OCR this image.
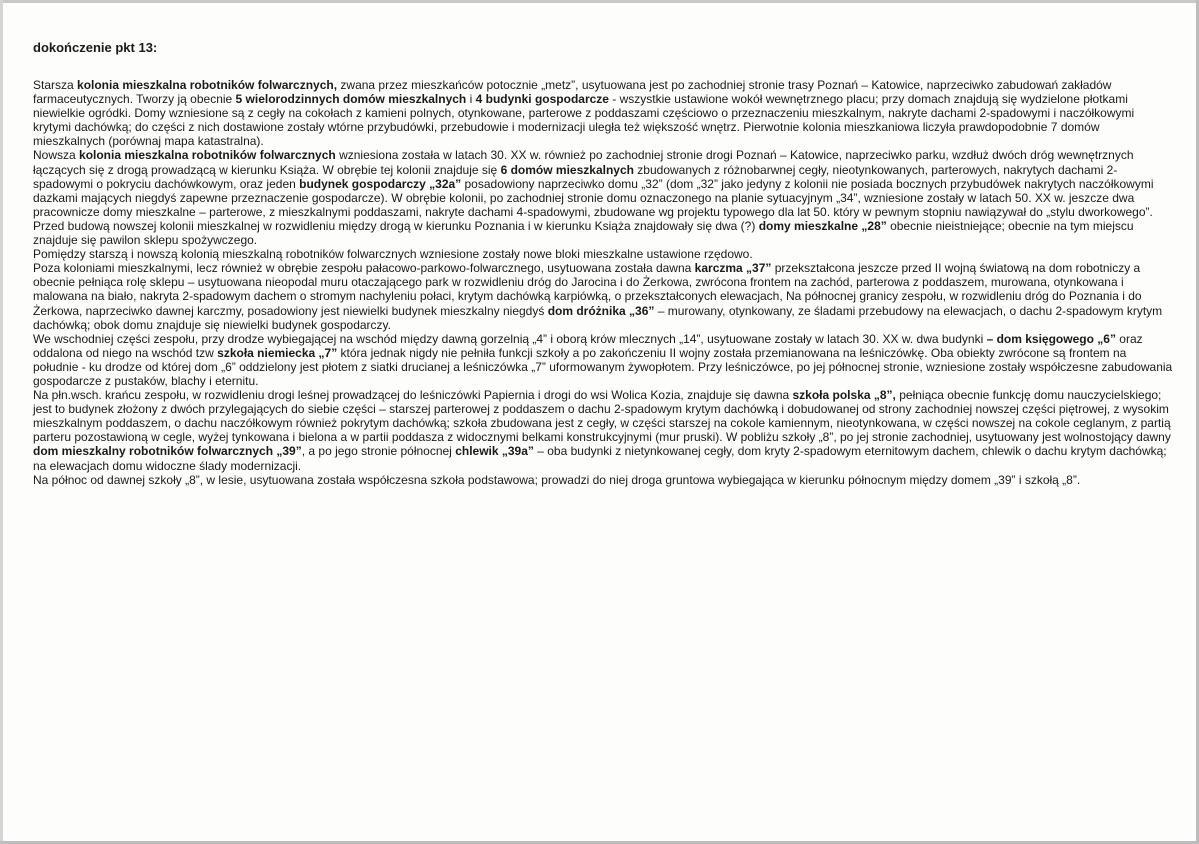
dokończenie pkt 13:

Starsza kolonia mieszkalna robotników folwarcznych, zwana przez mieszkańców potocznie „metz”, usytuowana jest po zachodniej stronie trasy Poznań – Katowice, naprzeciwko zabudowań zakładów farmaceutycznych. Tworzy ją obecnie 5 wielorodzinnych domów mieszkalnych i 4 budynki gospodarcze - wszystkie ustawione wokół wewnętrznego placu; przy domach znajdują się wydzielone płotkami niewielkie ogródki. Domy wzniesione są z cegły na cokołach z kamieni polnych, otynkowane, parterowe z poddaszami częściowo o przeznaczeniu mieszkalnym, nakryte dachami 2-spadowymi i naczółkowymi krytymi dachówką; do części z nich dostawione zostały wtórne przybudówki, przebudowie i modernizacji uległa też większość wnętrz. Pierwotnie kolonia mieszkaniowa liczyła prawdopodobnie 7 domów mieszkalnych (porównaj mapa katastralna).

Nowsza kolonia mieszkalna robotników folwarcznych wzniesiona została w latach 30. XX w. również po zachodniej stronie drogi Poznań – Katowice, naprzeciwko parku, wzdłuż dwóch dróg wewnętrznych łączących się z drogą prowadzącą w kierunku Książa. W obrębie tej kolonii znajduje się 6 domów mieszkalnych zbudowanych z różnobarwnej cegły, nieotynkowanych, parterowych, nakrytych dachami 2-spadowymi o pokryciu dachówkowym, oraz jeden budynek gospodarczy „32a” posadowiony naprzeciwko domu „32” (dom „32” jako jedyny z kolonii nie posiada bocznych przybudówek nakrytych naczółkowymi dazkami mających niegdyś zapewne przeznaczenie gospodarcze). W obrębie kolonii, po zachodniej stronie domu oznaczonego na planie sytuacyjnym „34”, wzniesione zostały w latach 50. XX w. jeszcze dwa pracownicze domy mieszkalne – parterowe, z mieszkalnymi poddaszami, nakryte dachami 4-spadowymi, zbudowane wg projektu typowego dla lat 50. który w pewnym stopniu nawiązywał do „stylu dworkowego”.

Przed budową nowszej kolonii mieszkalnej w rozwidleniu między drogą w kierunku Poznania i w kierunku Książa znajdowały się dwa (?) domy mieszkalne „28” obecnie nieistniejące; obecnie na tym miejscu znajduje się pawilon sklepu spożywczego.

Pomiędzy starszą i nowszą kolonią mieszkalną robotników folwarcznych wzniesione zostały nowe bloki mieszkalne ustawione rzędowo.

Poza koloniami mieszkalnymi, lecz również w obrębie zespołu pałacowo-parkowo-folwarcznego, usytuowana została dawna karczma „37” przekształcona jeszcze przed II wojną światową na dom robotniczy a obecnie pełniąca rolę sklepu – usytuowana nieopodal muru otaczającego park w rozwidleniu dróg do Jarocina i do Żerkowa, zwrócona frontem na zachód, parterowa z poddaszem, murowana, otynkowana i malowana na biało, nakryta 2-spadowym dachem o stromym nachyleniu połaci, krytym dachówką karpiówką, o przekształconych elewacjach, Na północnej granicy zespołu, w rozwidleniu dróg do Poznania i do Żerkowa, naprzeciwko dawnej karczmy, posadowiony jest niewielki budynek mieszkalny niegdyś dom dróżnika „36” – murowany, otynkowany, ze śladami przebudowy na elewacjach, o dachu 2-spadowym krytym dachówką; obok domu znajduje się niewielki budynek gospodarczy.

We wschodniej części zespołu, przy drodze wybiegającej na wschód między dawną gorzelnią „4” i oborą krów mlecznych „14”, usytuowane zostały w latach 30. XX w. dwa budynki – dom księgowego „6” oraz oddalona od niego na wschód tzw szkoła niemiecka „7” która jednak nigdy nie pełniła funkcji szkoły a po zakończeniu II wojny została przemianowana na leśniczówkę. Oba obiekty zwrócone są frontem na południe - ku drodze od której dom „6” oddzielony jest płotem z siatki drucianej a leśniczówka „7” uformowanym żywopłotem. Przy leśniczówce, po jej północnej stronie, wzniesione zostały współczesne zabudowania gospodarcze z pustaków, blachy i eternitu.

Na płn.wsch. krańcu zespołu, w rozwidleniu drogi leśnej prowadzącej do leśniczówki Papiernia i drogi do wsi Wolica Kozia, znajduje się dawna szkoła polska „8”, pełniąca obecnie funkcję domu nauczycielskiego; jest to budynek złożony z dwóch przylegających do siebie części – starszej parterowej z poddaszem o dachu 2-spadowym krytym dachówką i dobudowanej od strony zachodniej nowszej części piętrowej, z wysokim mieszkalnym poddaszem, o dachu naczółkowym również pokrytym dachówką; szkoła zbudowana jest z cegły, w części starszej na cokole kamiennym, nieotynkowana, w części nowszej na cokole ceglanym, z partią parteru pozostawioną w cegle, wyżej tynkowana i bielona a w partii poddasza z widocznymi belkami konstrukcyjnymi (mur pruski). W pobliżu szkoły „8”, po jej stronie zachodniej, usytuowany jest wolnostojący dawny dom mieszkalny robotników folwarcznych „39”, a po jego stronie północnej chlewik „39a” – oba budynki z nietynkowanej cegły, dom kryty 2-spadowym eternitowym dachem, chlewik o dachu krytym dachówką; na elewacjach domu widoczne ślady modernizacji.

Na północ od dawnej szkoły „8”, w lesie, usytuowana została współczesna szkoła podstawowa; prowadzi do niej droga gruntowa wybiegająca w kierunku północnym między domem „39” i szkołą „8”.
